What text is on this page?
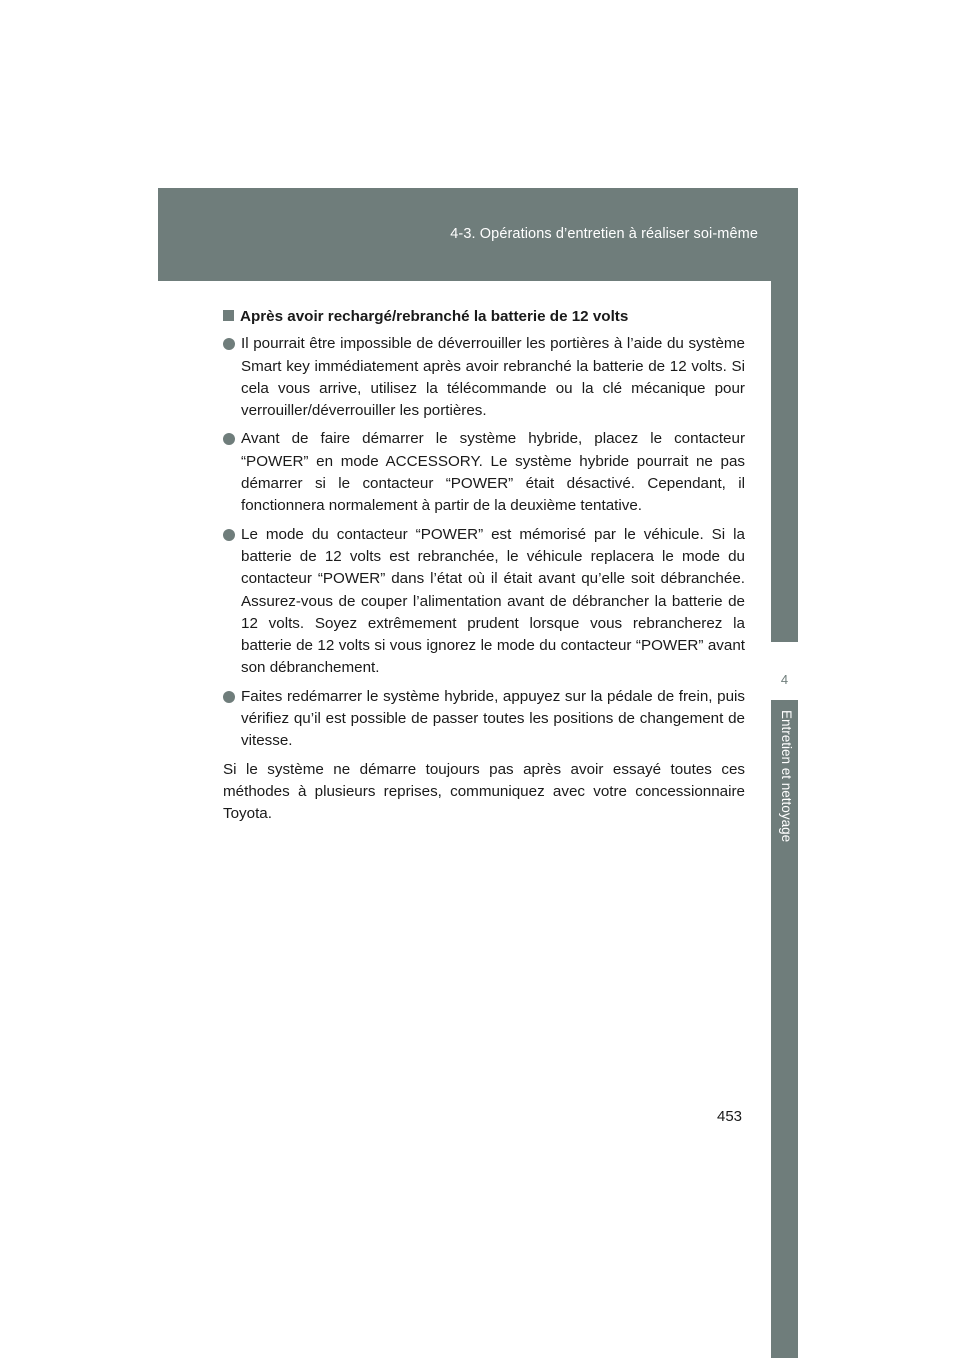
4-3. Opérations d’entretien à réaliser soi-même
4
Entretien et nettoyage
Après avoir rechargé/rebranché la batterie de 12 volts
Il pourrait être impossible de déverrouiller les portières à l’aide du système Smart key immédiatement après avoir rebranché la batterie de 12 volts. Si cela vous arrive, utilisez la télécommande ou la clé mécanique pour verrouiller/déverrouiller les portières.
Avant de faire démarrer le système hybride, placez le contacteur “POWER” en mode ACCESSORY. Le système hybride pourrait ne pas démarrer si le contacteur “POWER” était désactivé. Cependant, il fonctionnera normalement à partir de la deuxième tentative.
Le mode du contacteur “POWER” est mémorisé par le véhicule. Si la batterie de 12 volts est rebranchée, le véhicule replacera le mode du contacteur “POWER” dans l’état où il était avant qu’elle soit débranchée. Assurez-vous de couper l’alimentation avant de débrancher la batterie de 12 volts. Soyez extrêmement prudent lorsque vous rebrancherez la batterie de 12 volts si vous ignorez le mode du contacteur “POWER” avant son débranchement.
Faites redémarrer le système hybride, appuyez sur la pédale de frein, puis vérifiez qu’il est possible de passer toutes les positions de changement de vitesse.
Si le système ne démarre toujours pas après avoir essayé toutes ces méthodes à plusieurs reprises, communiquez avec votre concessionnaire Toyota.
453
